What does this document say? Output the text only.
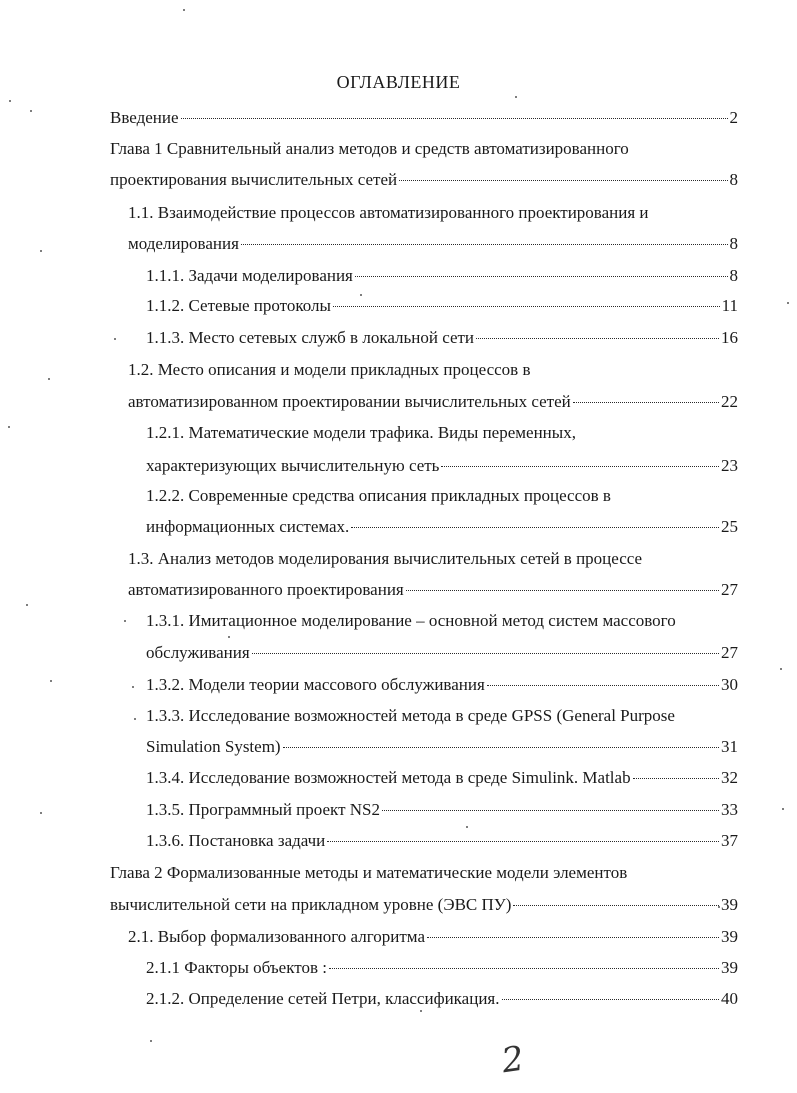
ОГЛАВЛЕНИЕ
Введение	2
Глава 1 Сравнительный анализ методов и средств автоматизированного
проектирования вычислительных сетей	8
1.1. Взаимодействие процессов автоматизированного проектирования и
моделирования	8
1.1.1. Задачи моделирования	8
1.1.2. Сетевые протоколы	11
1.1.3. Место сетевых служб в локальной сети	16
1.2. Место описания и модели прикладных процессов в
автоматизированном проектировании вычислительных сетей	22
1.2.1. Математические модели трафика. Виды переменных,
характеризующих вычислительную сеть	23
1.2.2. Современные средства описания прикладных процессов в
информационных системах.	25
1.3. Анализ методов моделирования вычислительных сетей в процессе
автоматизированного проектирования	27
1.3.1. Имитационное моделирование – основной метод систем массового
обслуживания	27
1.3.2. Модели теории массового обслуживания	30
1.3.3. Исследование возможностей метода в среде GPSS (General Purpose
Simulation System)	31
1.3.4. Исследование возможностей метода в среде Simulink. Matlab	32
1.3.5. Программный проект NS2	33
1.3.6. Постановка задачи	37
Глава 2 Формализованные методы и математические модели элементов
вычислительной сети на прикладном уровне (ЭВС ПУ)	39
2.1. Выбор формализованного алгоритма	39
2.1.1 Факторы объектов :	39
2.1.2. Определение сетей Петри, классификация.	40
2
